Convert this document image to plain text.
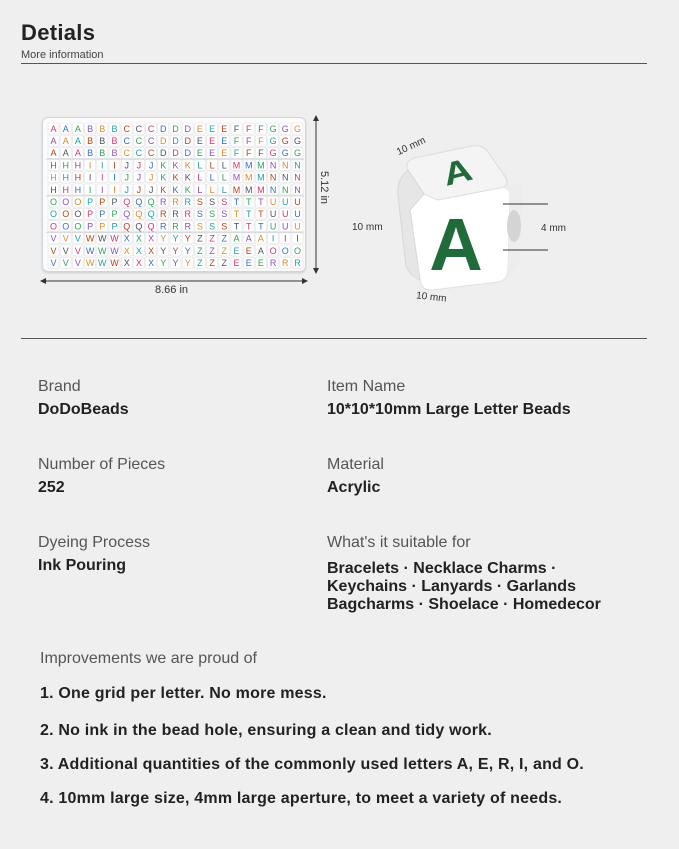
Detials
More information
A A A B B B C C C D D D E E E F F F G G G
A A A B B B C C C D D D E E E F F F G G G
A A A B B B C C C D D D E E E F F F G G G
H H H I I I J J J K K K L L L M M M N N N
H H H I I I J J J K K K L L L M M M N N N
H H H I I I J J J K K K L L L M M M N N N
O O O P P P Q Q Q R R R S S S T T T U U U
O O O P P P Q Q Q R R R S S S T T T U U U
O O O P P P Q Q Q R R R S S S T T T U U U
V V V W W W X X X Y Y Y Z Z Z A A A I I I
V V V W W W X X X Y Y Y Z Z Z E E A O O O
V V V W W W X X X Y Y Y Z Z Z E E E R R R
8.66 in
5.12 in
A
A
10 mm
10 mm
10 mm
4 mm
Brand
DoDoBeads
Item Name
10*10*10mm Large Letter Beads
Number of Pieces
252
Material
Acrylic
Dyeing Process
Ink Pouring
What's it suitable for
Bracelets · Necklace Charms ·
Keychains · Lanyards · Garlands
Bagcharms · Shoelace · Homedecor
Improvements we are proud of
1. One grid per letter. No more mess.
2. No ink in the bead hole, ensuring a clean and tidy work.
3. Additional quantities of the commonly used letters A, E, R, I, and O.
4. 10mm large size, 4mm large aperture, to meet a variety of needs.
